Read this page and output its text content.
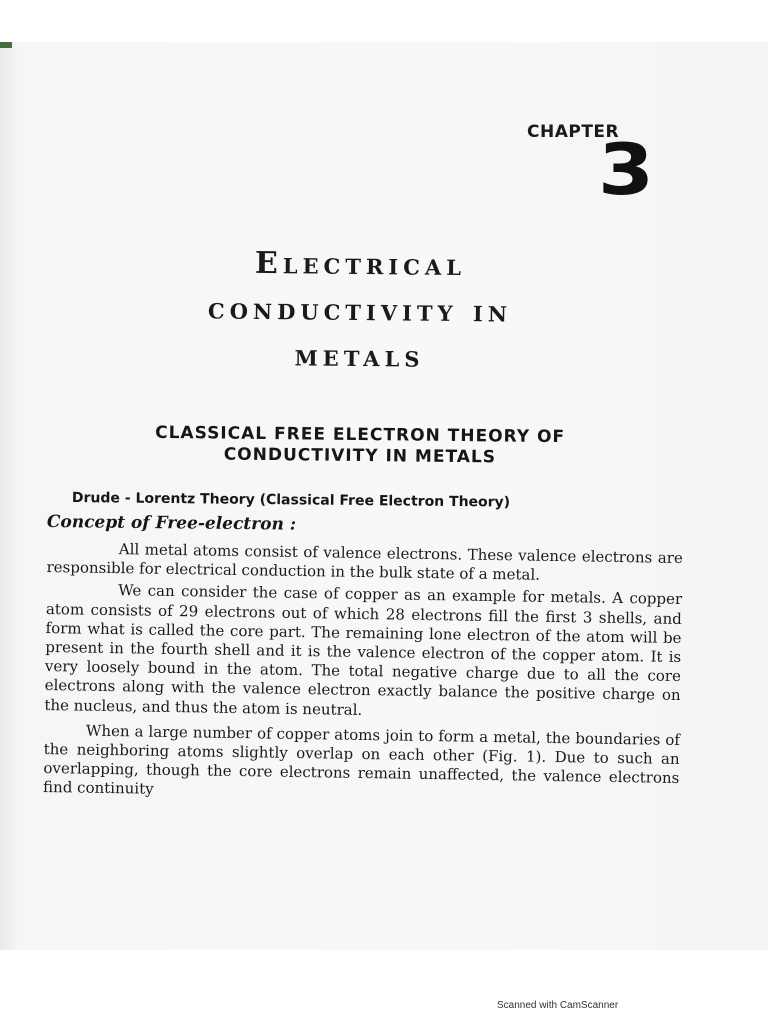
CHAPTER
3
Electrical
conductivity in
metals
CLASSICAL FREE ELECTRON THEORY OF
CONDUCTIVITY IN METALS
Drude - Lorentz Theory (Classical Free Electron Theory)
Concept of Free-electron :

All metal atoms consist of valence electrons. These valence electrons are responsible for electrical conduction in the bulk state of a metal.

We can consider the case of copper as an example for metals. A copper atom consists of 29 electrons out of which 28 electrons fill the first 3 shells, and form what is called the core part. The remaining lone electron of the atom will be present in the fourth shell and it is the valence electron of the copper atom. It is very loosely bound in the atom. The total negative charge due to all the core electrons along with the valence electron exactly balance the positive charge on the nucleus, and thus the atom is neutral.

When a large number of copper atoms join to form a metal, the boundaries of the neighboring atoms slightly overlap on each other (Fig. 1). Due to such an overlapping, though the core electrons remain unaffected, the valence electrons find continuity

Scanned with CamScanner
